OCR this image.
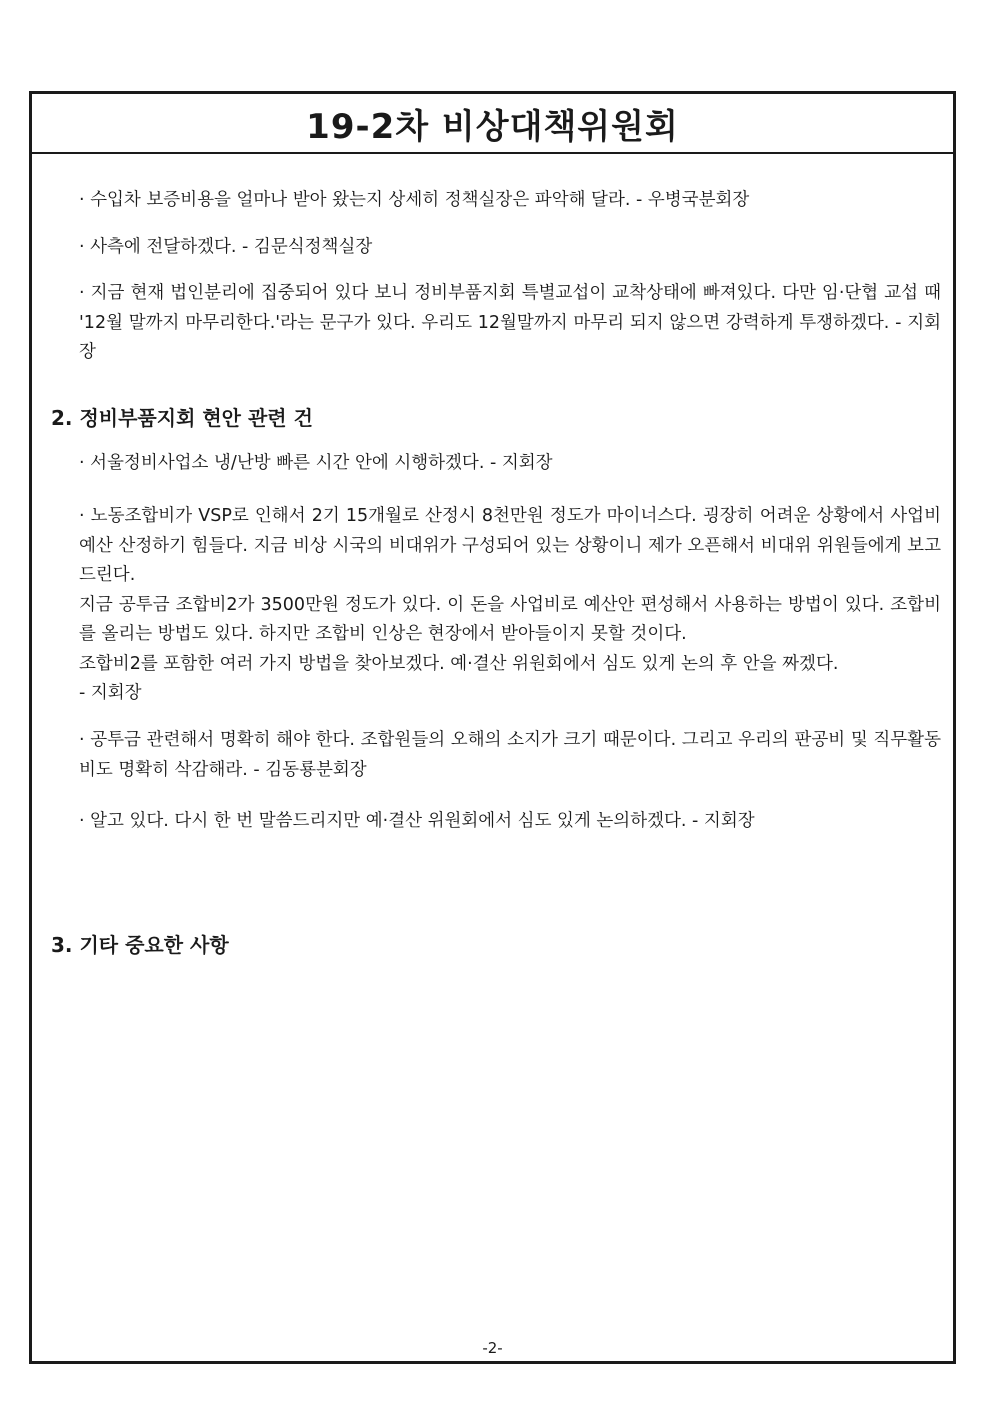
19-2차 비상대책위원회

· 수입차 보증비용을 얼마나 받아 왔는지 상세히 정책실장은 파악해 달라. - 우병국분회장

· 사측에 전달하겠다. - 김문식정책실장

· 지금 현재 법인분리에 집중되어 있다 보니 정비부품지회 특별교섭이 교착상태에 빠져있다. 다만 임·단협 교섭 때 '12월 말까지 마무리한다.'라는 문구가 있다. 우리도 12월말까지 마무리 되지 않으면 강력하게 투쟁하겠다. - 지회장

2. 정비부품지회 현안 관련 건

· 서울정비사업소 냉/난방 빠른 시간 안에 시행하겠다. - 지회장

· 노동조합비가 VSP로 인해서 2기 15개월로 산정시 8천만원 정도가 마이너스다. 굉장히 어려운 상황에서 사업비 예산 산정하기 힘들다. 지금 비상 시국의 비대위가 구성되어 있는 상황이니 제가 오픈해서 비대위 위원들에게 보고 드린다.
지금 공투금 조합비2가 3500만원 정도가 있다. 이 돈을 사업비로 예산안 편성해서 사용하는 방법이 있다. 조합비를 올리는 방법도 있다. 하지만 조합비 인상은 현장에서 받아들이지 못할 것이다.
조합비2를 포함한 여러 가지 방법을 찾아보겠다. 예·결산 위원회에서 심도 있게 논의 후 안을 짜겠다.
- 지회장

· 공투금 관련해서 명확히 해야 한다. 조합원들의 오해의 소지가 크기 때문이다. 그리고 우리의 판공비 및 직무활동비도 명확히 삭감해라. - 김동룡분회장

· 알고 있다. 다시 한 번 말씀드리지만 예·결산 위원회에서 심도 있게 논의하겠다. - 지회장

3. 기타 중요한 사항
-2-
